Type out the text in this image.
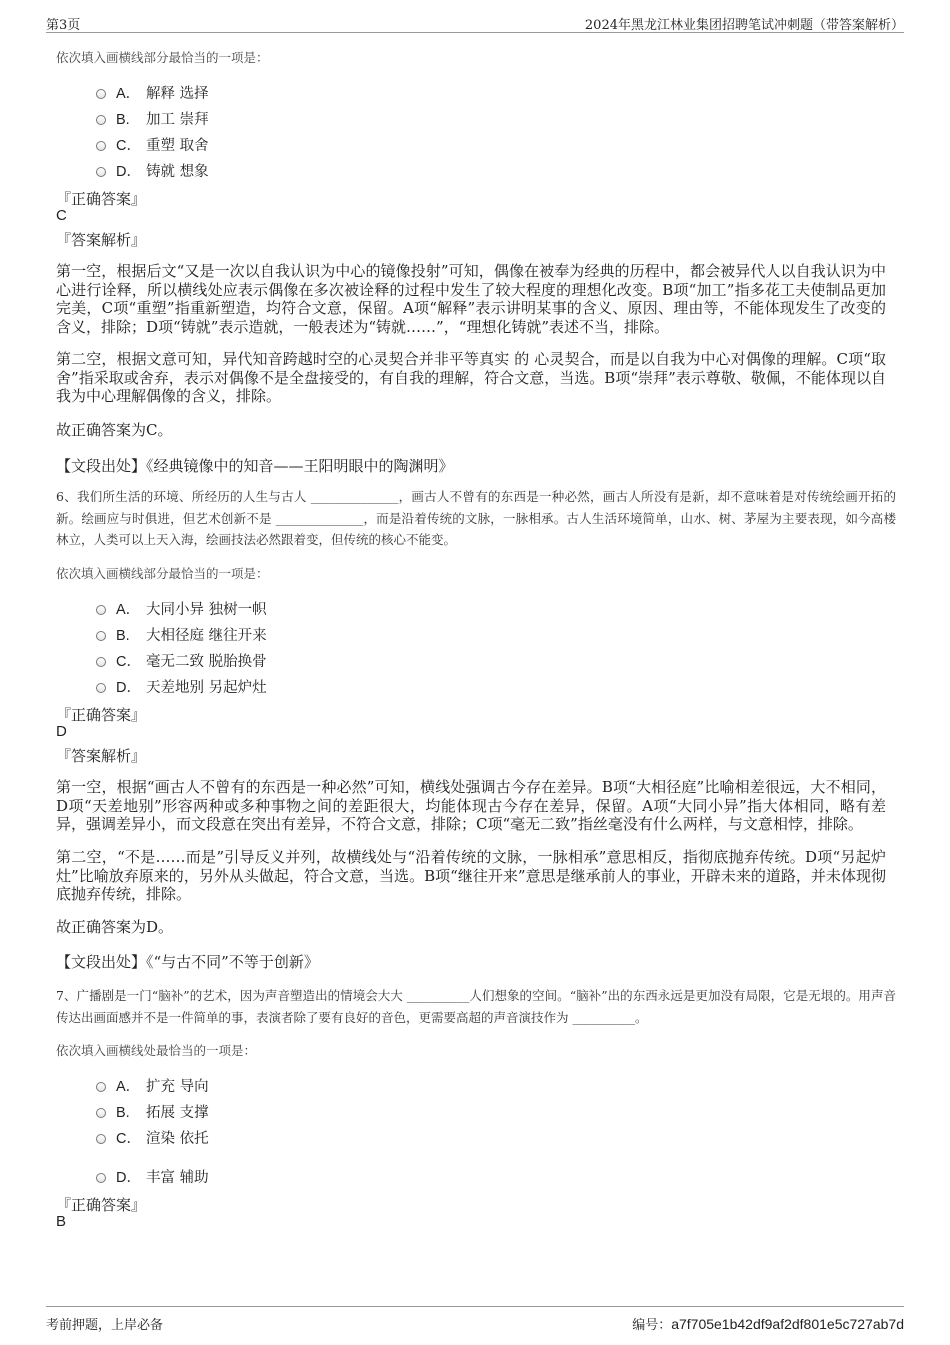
第3页	2024年黑龙江林业集团招聘笔试冲刺题（带答案解析）
依次填入画横线部分最恰当的一项是：
A． 解释 选择
B. 加工 崇拜
C． 重塑 取舍
D． 铸就 想象
『正确答案』
C
『答案解析』
第一空，根据后文“又是一次以自我认识为中心的镜像投射”可知，偶像在被奉为经典的历程中，都会被异代人以自我认识为中心进行诠释，所以横线处应表示偶像在多次被诠释的过程中发生了较大程度的理想化改变。B项“加工”指多花工夫使制品更加完美，C项“重塑”指重新塑造，均符合文意，保留。A项“解释”表示讲明某事的含义、原因、理由等，不能体现发生了改变的含义，排除；D项“铸就”表示造就，一般表述为“铸就……”，“理想化铸就”表述不当，排除。
第二空，根据文意可知，异代知音跨越时空的心灵契合并非平等真实 的 心灵契合，而是以自我为中心对偶像的理解。C项“取舍”指采取或舍弃，表示对偶像不是全盘接受的，有自我的理解，符合文意，当选。B项“崇拜”表示尊敬、敬佩，不能体现以自我为中心理解偶像的含义，排除。
故正确答案为C。
【文段出处】《经典镜像中的知音——王阳明眼中的陶渊明》
6、我们所生活的环境、所经历的人生与古人 ______________，画古人不曾有的东西是一种必然，画古人所没有是新，却不意味着是对传统绘画开拓的新。绘画应与时俱进，但艺术创新不是 ______________，而是沿着传统的文脉，一脉相承。古人生活环境简单，山水、树、茅屋为主要表现，如今高楼林立，人类可以上天入海，绘画技法必然跟着变，但传统的核心不能变。
依次填入画横线部分最恰当的一项是：
A． 大同小异 独树一帜
B. 大相径庭 继往开来
C． 毫无二致 脱胎换骨
D． 天差地别 另起炉灶
『正确答案』
D
『答案解析』
第一空，根据“画古人不曾有的东西是一种必然”可知，横线处强调古今存在差异。B项“大相径庭”比喻相差很远，大不相同，D项“天差地别”形容两种或多种事物之间的差距很大，均能体现古今存在差异，保留。A项“大同小异”指大体相同，略有差异，强调差异小，而文段意在突出有差异，不符合文意，排除；C项“毫无二致”指丝毫没有什么两样，与文意相悖，排除。
第二空，“不是……而是”引导反义并列，故横线处与“沿着传统的文脉，一脉相承”意思相反，指彻底抛弃传统。D项“另起炉灶”比喻放弃原来的，另外从头做起，符合文意，当选。B项“继往开来”意思是继承前人的事业，开辟未来的道路，并未体现彻底抛弃传统，排除。
故正确答案为D。
【文段出处】《“与古不同”不等于创新》
7、广播剧是一门“脑补”的艺术，因为声音塑造出的情境会大大 __________人们想象的空间。“脑补”出的东西永远是更加没有局限，它是无垠的。用声音传达出画面感并不是一件简单的事，表演者除了要有良好的音色，更需要高超的声音演技作为 __________。
依次填入画横线处最恰当的一项是：
A． 扩充 导向
B. 拓展 支撑
C． 渲染 依托
D． 丰富 辅助
『正确答案』
B
考前押题，上岸必备	编号：a7f705e1b42df9af2df801e5c727ab7d
